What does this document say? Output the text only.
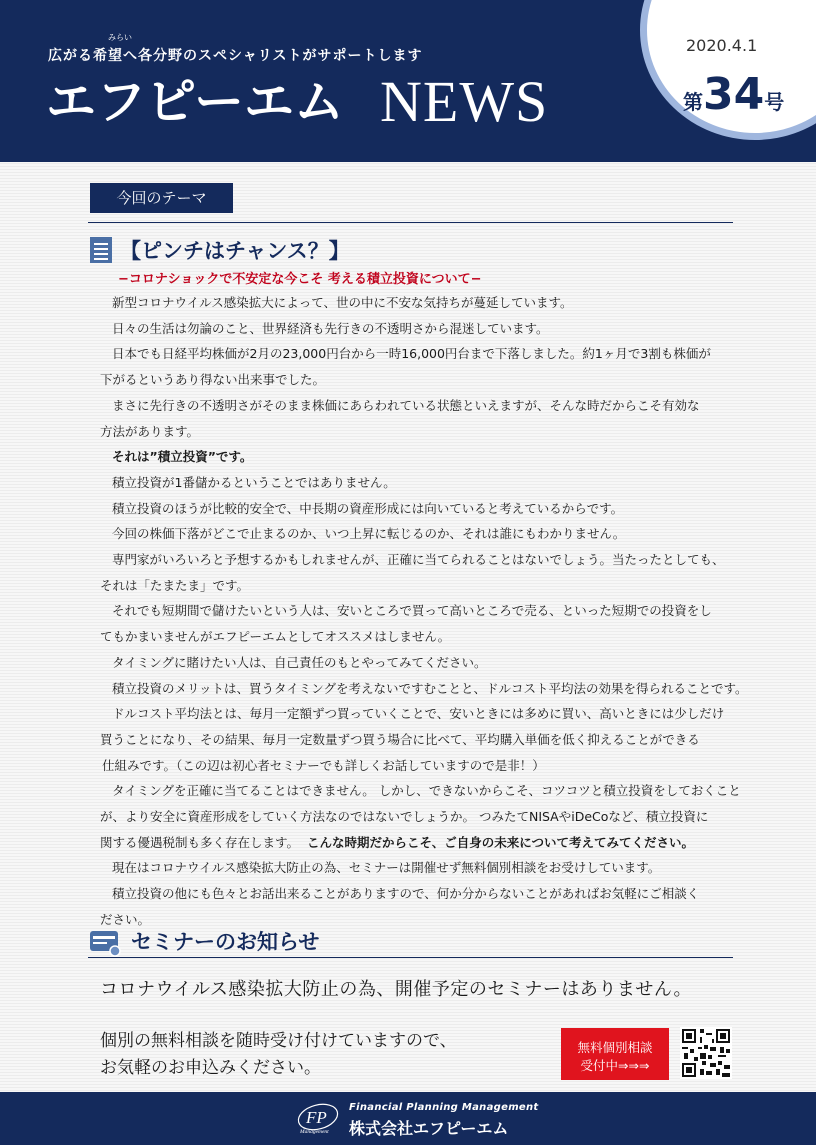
みらい
広がる希望へ各分野のスペシャリストがサポートします
エフピーエム NEWS
2020.4.1
第34号
今回のテーマ
【ピンチはチャンス？】
−コロナショックで不安定な今こそ 考える積立投資について−

新型コロナウイルス感染拡大によって、世の中に不安な気持ちが蔓延しています。

日々の生活は勿論のこと、世界経済も先行きの不透明さから混迷しています。

日本でも日経平均株価が2月の23,000円台から一時16,000円台まで下落しました。約1ヶ月で3割も株価が

下がるというあり得ない出来事でした。

まさに先行きの不透明さがそのまま株価にあらわれている状態といえますが、そんな時だからこそ有効な

方法があります。

それは”積立投資”です。

積立投資が1番儲かるということではありません。

積立投資のほうが比較的安全で、中長期の資産形成には向いていると考えているからです。

今回の株価下落がどこで止まるのか、いつ上昇に転じるのか、それは誰にもわかりません。

専門家がいろいろと予想するかもしれませんが、正確に当てられることはないでしょう。当たったとしても、

それは「たまたま」です。

それでも短期間で儲けたいという人は、安いところで買って高いところで売る、といった短期での投資をし

てもかまいませんがエフピーエムとしてオススメはしません。

タイミングに賭けたい人は、自己責任のもとやってみてください。

積立投資のメリットは、買うタイミングを考えないですむことと、ドルコスト平均法の効果を得られることです。

ドルコスト平均法とは、毎月一定額ずつ買っていくことで、安いときには多めに買い、高いときには少しだけ

買うことになり、その結果、毎月一定数量ずつ買う場合に比べて、平均購入単価を低く抑えることができる

仕組みです。（この辺は初心者セミナーでも詳しくお話していますので是非！）

タイミングを正確に当てることはできません。 しかし、できないからこそ、コツコツと積立投資をしておくこと

が、より安全に資産形成をしていく方法なのではないでしょうか。 つみたてNISAやiDeCoなど、積立投資に

関する優遇税制も多く存在します。 こんな時期だからこそ、ご自身の未来について考えてみてください。

現在はコロナウイルス感染拡大防止の為、セミナーは開催せず無料個別相談をお受けしています。

積立投資の他にも色々とお話出来ることがありますので、何か分からないことがあればお気軽にご相談く

ださい。

セミナーのお知らせ
コロナウイルス感染拡大防止の為、開催予定のセミナーはありません。
個別の無料相談を随時受け付けていますので、
お気軽のお申込みください。
無料個別相談
受付中⇒⇒⇒
FP
Management
Financial Planning Management
株式会社エフピーエム
